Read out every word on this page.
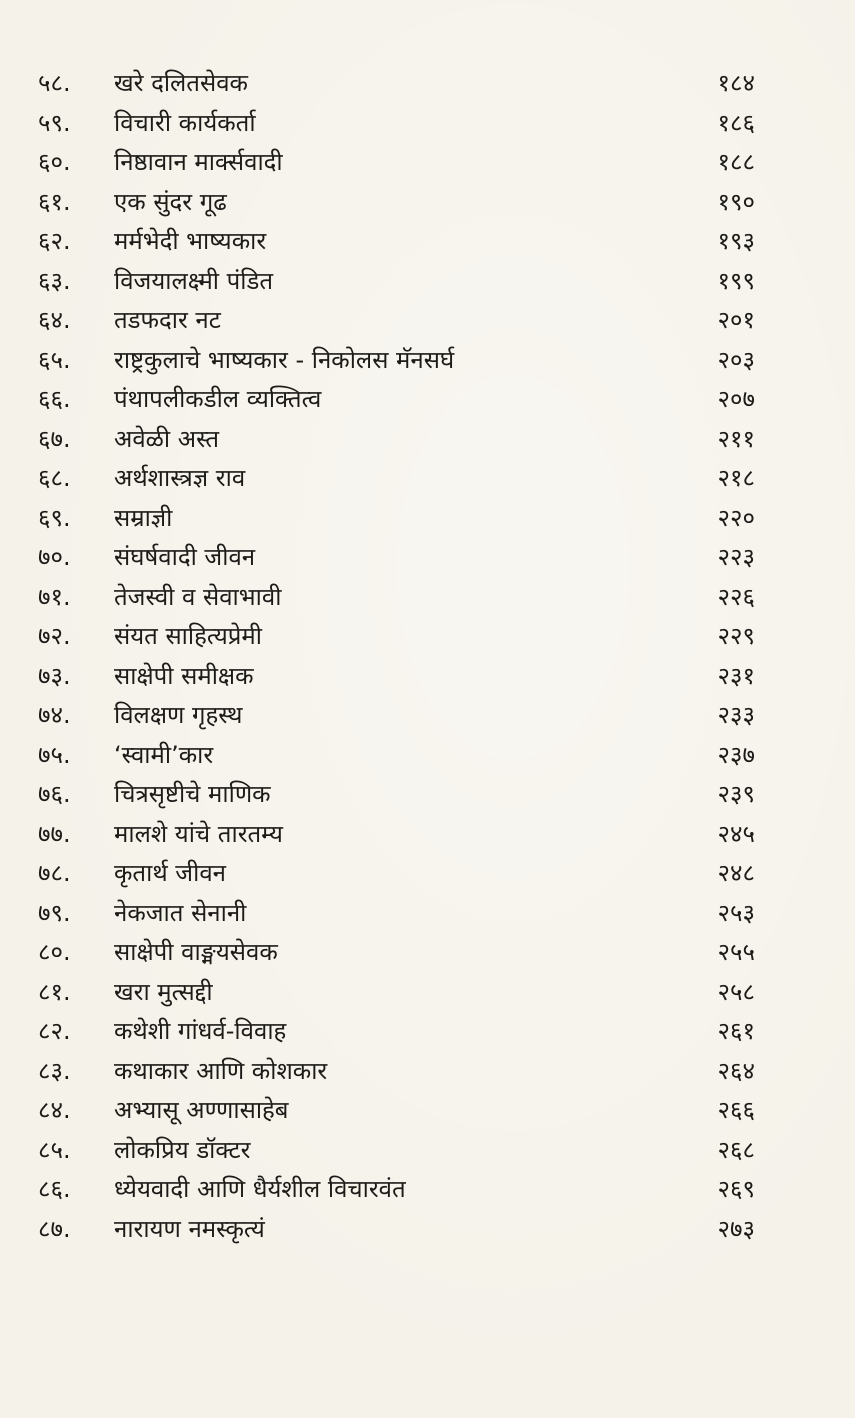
५८.	खरे दलितसेवक	१८४
५९.	विचारी कार्यकर्ता	१८६
६०.	निष्ठावान मार्क्सवादी	१८८
६१.	एक सुंदर गूढ	१९०
६२.	मर्मभेदी भाष्यकार	१९३
६३.	विजयालक्ष्मी पंडित	१९९
६४.	तडफदार नट	२०१
६५.	राष्ट्रकुलाचे भाष्यकार - निकोलस मॅनसर्घ	२०३
६६.	पंथापलीकडील व्यक्तित्व	२०७
६७.	अवेळी अस्त	२११
६८.	अर्थशास्त्रज्ञ राव	२१८
६९.	सम्राज्ञी	२२०
७०.	संघर्षवादी जीवन	२२३
७१.	तेजस्वी व सेवाभावी	२२६
७२.	संयत साहित्यप्रेमी	२२९
७३.	साक्षेपी समीक्षक	२३१
७४.	विलक्षण गृहस्थ	२३३
७५.	‘स्वामी’कार	२३७
७६.	चित्रसृष्टीचे माणिक	२३९
७७.	मालशे यांचे तारतम्य	२४५
७८.	कृतार्थ जीवन	२४८
७९.	नेकजात सेनानी	२५३
८०.	साक्षेपी वाङ्मयसेवक	२५५
८१.	खरा मुत्सद्दी	२५८
८२.	कथेशी गांधर्व-विवाह	२६१
८३.	कथाकार आणि कोशकार	२६४
८४.	अभ्यासू अण्णासाहेब	२६६
८५.	लोकप्रिय डॉक्टर	२६८
८६.	ध्येयवादी आणि धैर्यशील विचारवंत	२६९
८७.	नारायण नमस्कृत्यं	२७३
